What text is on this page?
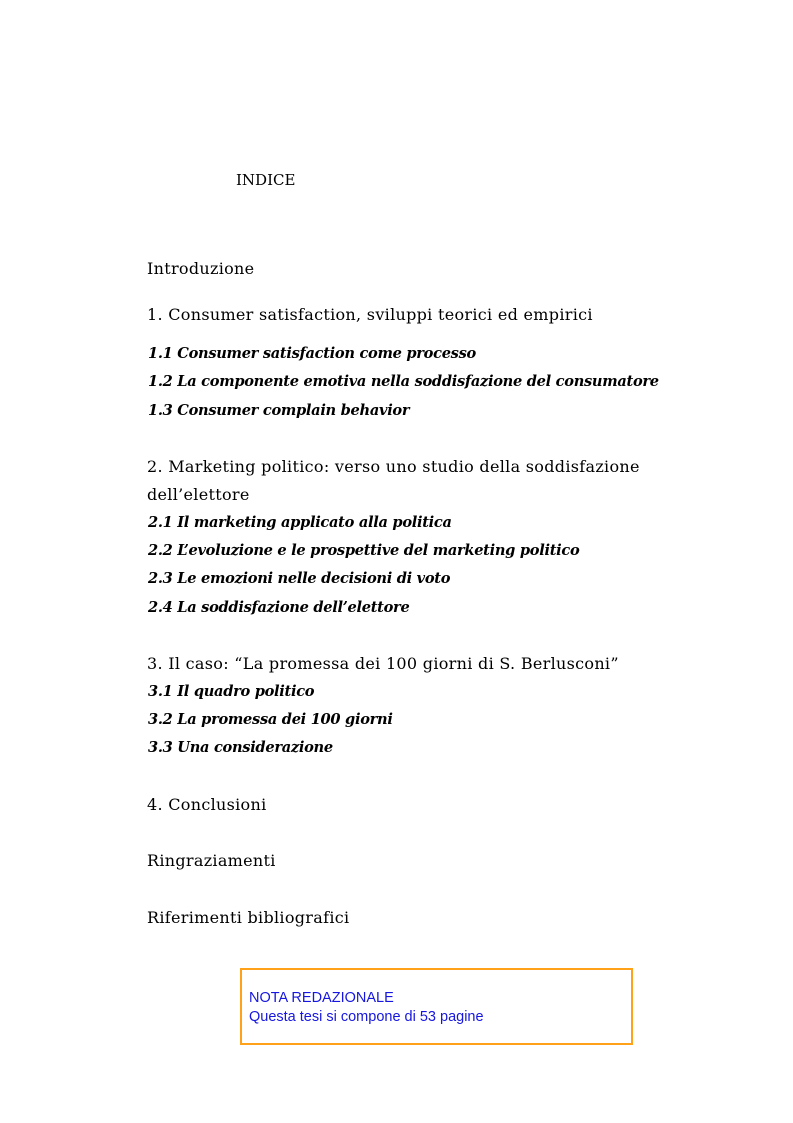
INDICE
Introduzione
1. Consumer satisfaction, sviluppi teorici ed empirici
1.1 Consumer satisfaction come processo
1.2 La componente emotiva nella soddisfazione del consumatore
1.3 Consumer complain behavior
2. Marketing politico: verso uno studio della soddisfazione
dell’elettore
2.1 Il marketing applicato alla politica
2.2 L’evoluzione e le prospettive del marketing politico
2.3 Le emozioni nelle decisioni di voto
2.4 La soddisfazione dell’elettore
3. Il caso: “La promessa dei 100 giorni di S. Berlusconi”
3.1 Il quadro politico
3.2 La promessa dei 100 giorni
3.3 Una considerazione
4. Conclusioni
Ringraziamenti
Riferimenti bibliografici
NOTA REDAZIONALE
Questa tesi si compone di 53 pagine
